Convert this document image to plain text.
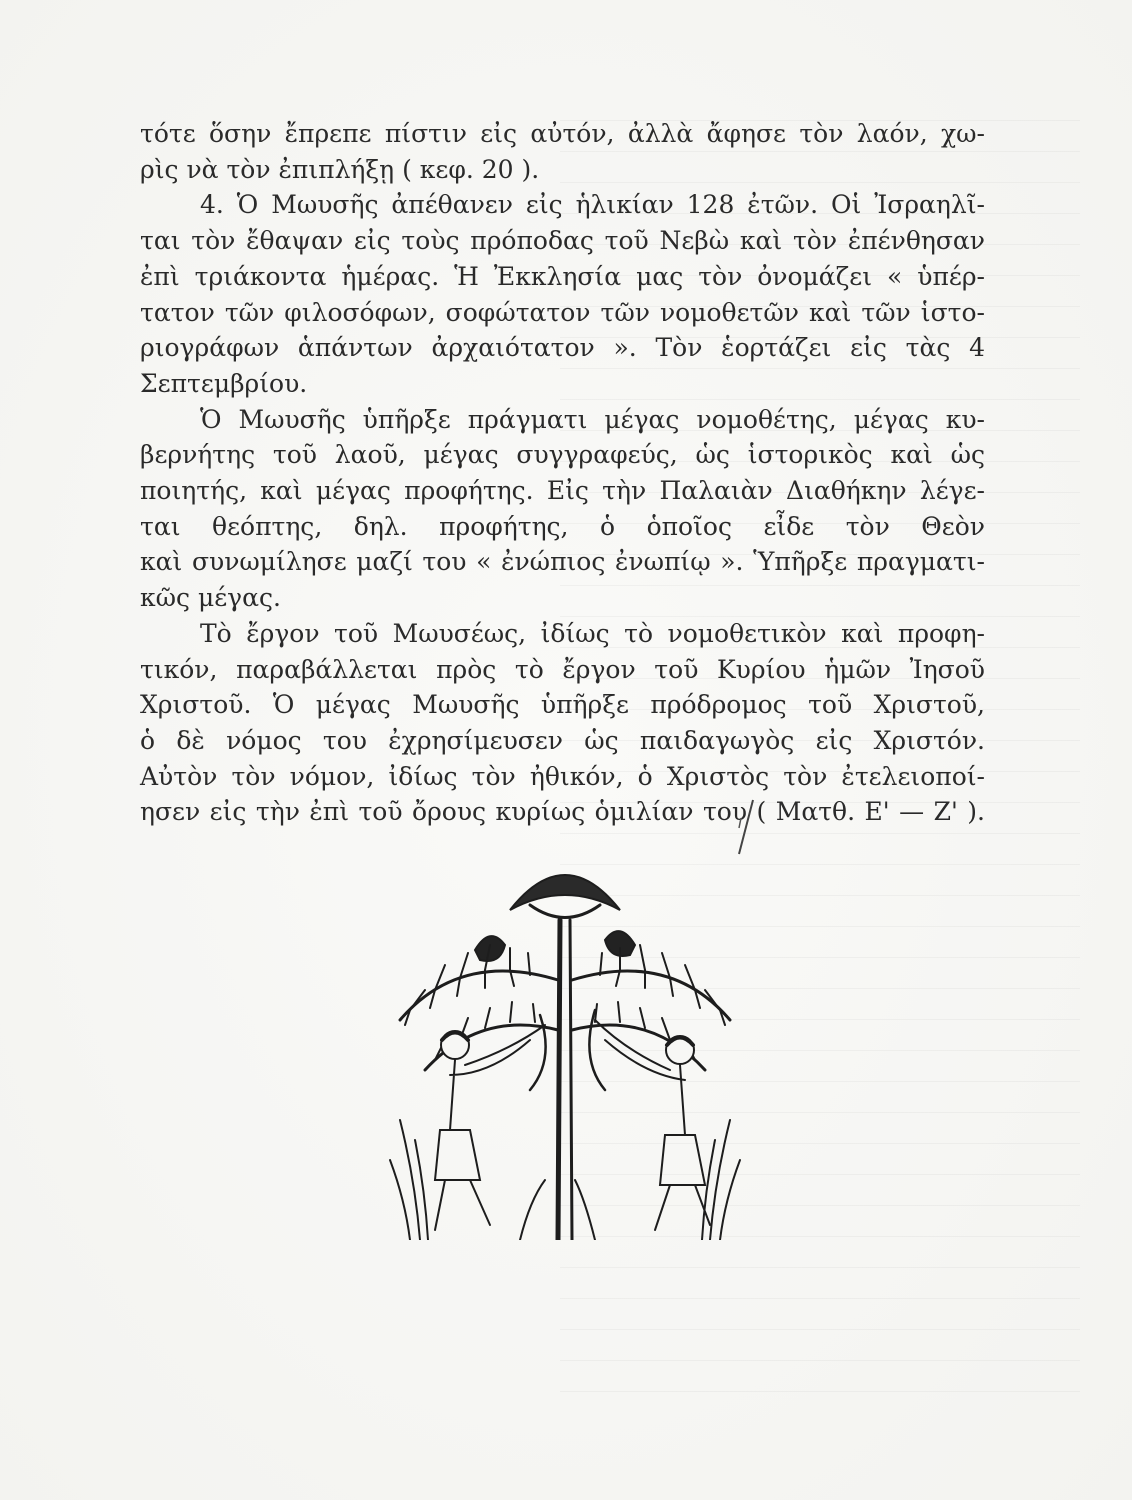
τότε ὅσην ἔπρεπε πίστιν εἰς αὐτόν, ἀλλὰ ἄφησε τὸν λαόν, χω-
ρὶς νὰ τὸν ἐπιπλήξῃ ( κεφ. 20 ).

4. Ὁ Μωυσῆς ἀπέθανεν εἰς ἡλικίαν 128 ἐτῶν. Οἱ Ἰσραηλῖ-
ται τὸν ἔθαψαν εἰς τοὺς πρόποδας τοῦ Νεβὼ καὶ τὸν ἐπένθησαν
ἐπὶ τριάκοντα ἡμέρας. Ἡ Ἐκκλησία μας τὸν ὀνομάζει « ὑπέρ-
τατον τῶν φιλοσόφων, σοφώτατον τῶν νομοθετῶν καὶ τῶν ἱστο-
ριογράφων ἁπάντων ἀρχαιότατον ». Τὸν ἑορτάζει εἰς τὰς 4
Σεπτεμβρίου.

Ὁ Μωυσῆς ὑπῆρξε πράγματι μέγας νομοθέτης, μέγας κυ-
βερνήτης τοῦ λαοῦ, μέγας συγγραφεύς, ὡς ἱστορικὸς καὶ ὡς
ποιητής, καὶ μέγας προφήτης. Εἰς τὴν Παλαιὰν Διαθήκην λέγε-
ται θεόπτης, δηλ. προφήτης, ὁ ὁποῖος εἶδε τὸν Θεὸν
καὶ συνωμίλησε μαζί του « ἐνώπιος ἐνωπίῳ ». Ὑπῆρξε πραγματι-
κῶς μέγας.

Τὸ ἔργον τοῦ Μωυσέως, ἰδίως τὸ νομοθετικὸν καὶ προφη-
τικόν, παραβάλλεται πρὸς τὸ ἔργον τοῦ Κυρίου ἡμῶν Ἰησοῦ
Χριστοῦ. Ὁ μέγας Μωυσῆς ὑπῆρξε πρόδρομος τοῦ Χριστοῦ,
ὁ δὲ νόμος του ἐχρησίμευσεν ὡς παιδαγωγὸς εἰς Χριστόν.
Αὐτὸν τὸν νόμον, ἰδίως τὸν ἠθικόν, ὁ Χριστὸς τὸν ἐτελειοποί-
ησεν εἰς τὴν ἐπὶ τοῦ ὄρους κυρίως ὁμιλίαν του ( Ματθ. Ε' — Ζ' ).
